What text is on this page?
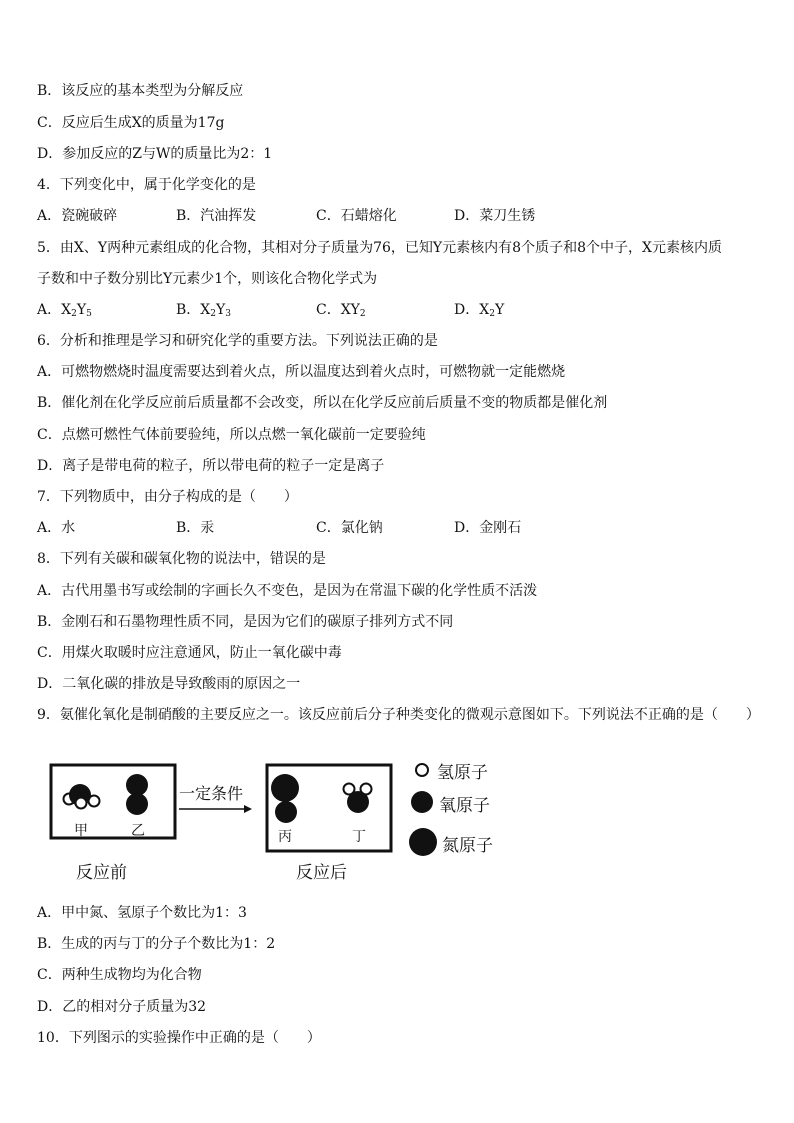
B．该反应的基本类型为分解反应
C．反应后生成X的质量为17g
D．参加反应的Z与W的质量比为2：1
4．下列变化中，属于化学变化的是
A．瓷碗破碎	B．汽油挥发	C．石蜡熔化	D．菜刀生锈
5．由X、Y两种元素组成的化合物，其相对分子质量为76，已知Y元素核内有8个质子和8个中子，X元素核内质
子数和中子数分别比Y元素少1个，则该化合物化学式为
A．$X_2Y_5$	B．$X_2Y_3$	C．$XY_2$	D．$X_2Y$
6．分析和推理是学习和研究化学的重要方法。下列说法正确的是
A．可燃物燃烧时温度需要达到着火点，所以温度达到着火点时，可燃物就一定能燃烧
B．催化剂在化学反应前后质量都不会改变，所以在化学反应前后质量不变的物质都是催化剂
C．点燃可燃性气体前要验纯，所以点燃一氧化碳前一定要验纯
D．离子是带电荷的粒子，所以带电荷的粒子一定是离子
7．下列物质中，由分子构成的是（　　）
A．水	B．汞	C．氯化钠	D．金刚石
8．下列有关碳和碳氧化物的说法中，错误的是
A．古代用墨书写或绘制的字画长久不变色，是因为在常温下碳的化学性质不活泼
B．金刚石和石墨物理性质不同，是因为它们的碳原子排列方式不同
C．用煤火取暖时应注意通风，防止一氧化碳中毒
D．二氧化碳的排放是导致酸雨的原因之一
9．氨催化氧化是制硝酸的主要反应之一。该反应前后分子种类变化的微观示意图如下。下列说法不正确的是（　　）
甲	乙	丙	丁
一定条件
反应前	反应后
氢原子
氧原子
氮原子
A．甲中氮、氢原子个数比为1：3
B．生成的丙与丁的分子个数比为1：2
C．两种生成物均为化合物
D．乙的相对分子质量为32
10．下列图示的实验操作中正确的是（　　）
